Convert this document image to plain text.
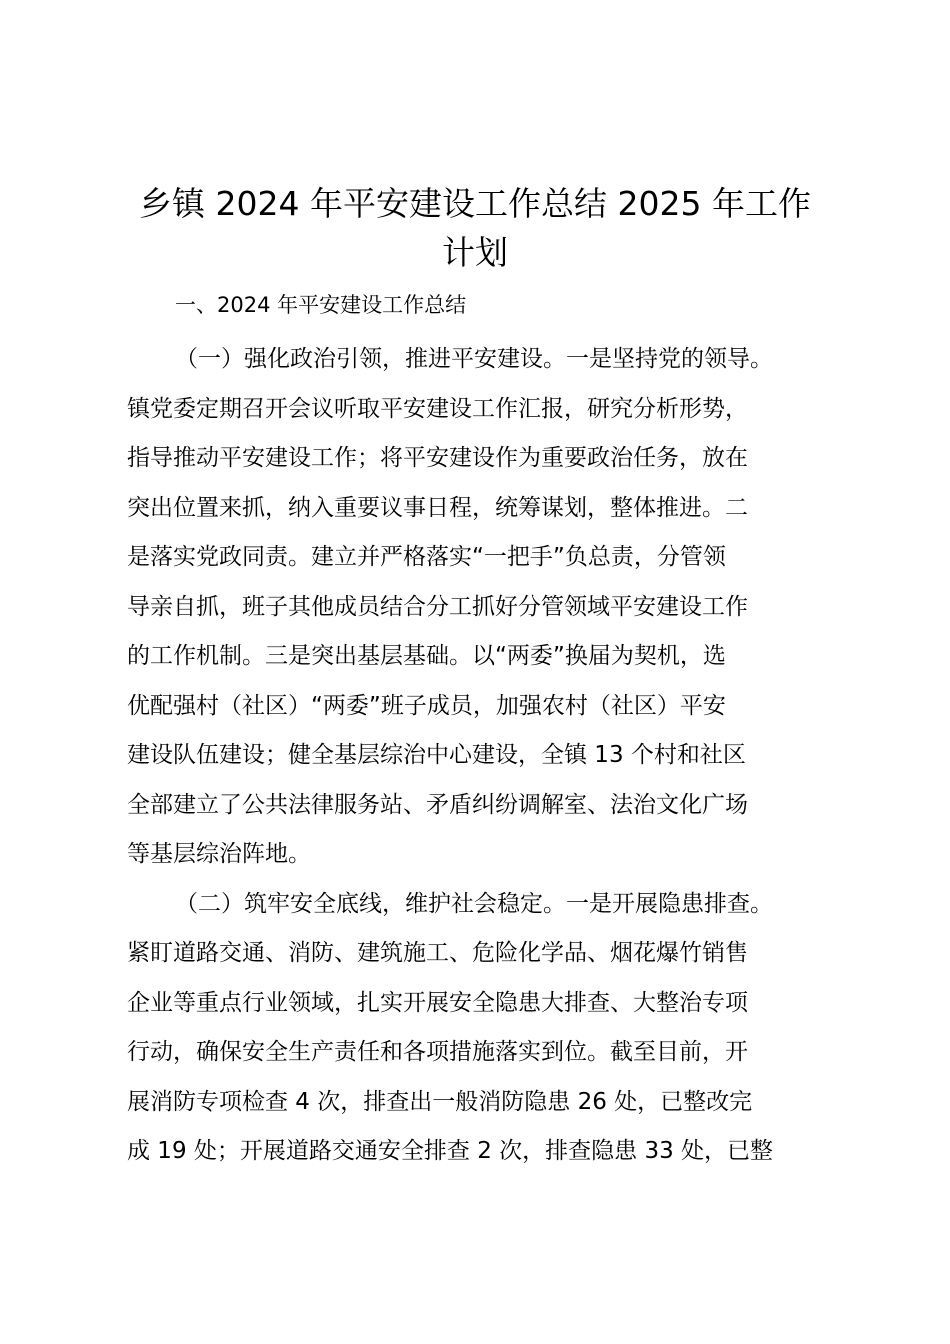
乡镇 2024 年平安建设工作总结 2025 年工作
计划
一、2024 年平安建设工作总结
（一）强化政治引领，推进平安建设。一是坚持党的领导。
镇党委定期召开会议听取平安建设工作汇报，研究分析形势，
指导推动平安建设工作；将平安建设作为重要政治任务，放在
突出位置来抓，纳入重要议事日程，统筹谋划，整体推进。二
是落实党政同责。建立并严格落实“一把手”负总责，分管领
导亲自抓，班子其他成员结合分工抓好分管领域平安建设工作
的工作机制。三是突出基层基础。以“两委”换届为契机，选
优配强村（社区）“两委”班子成员，加强农村（社区）平安
建设队伍建设；健全基层综治中心建设，全镇 13 个村和社区
全部建立了公共法律服务站、矛盾纠纷调解室、法治文化广场
等基层综治阵地。
（二）筑牢安全底线，维护社会稳定。一是开展隐患排查。
紧盯道路交通、消防、建筑施工、危险化学品、烟花爆竹销售
企业等重点行业领域，扎实开展安全隐患大排查、大整治专项
行动，确保安全生产责任和各项措施落实到位。截至目前，开
展消防专项检查 4 次，排查出一般消防隐患 26 处，已整改完
成 19 处；开展道路交通安全排查 2 次，排查隐患 33 处，已整
